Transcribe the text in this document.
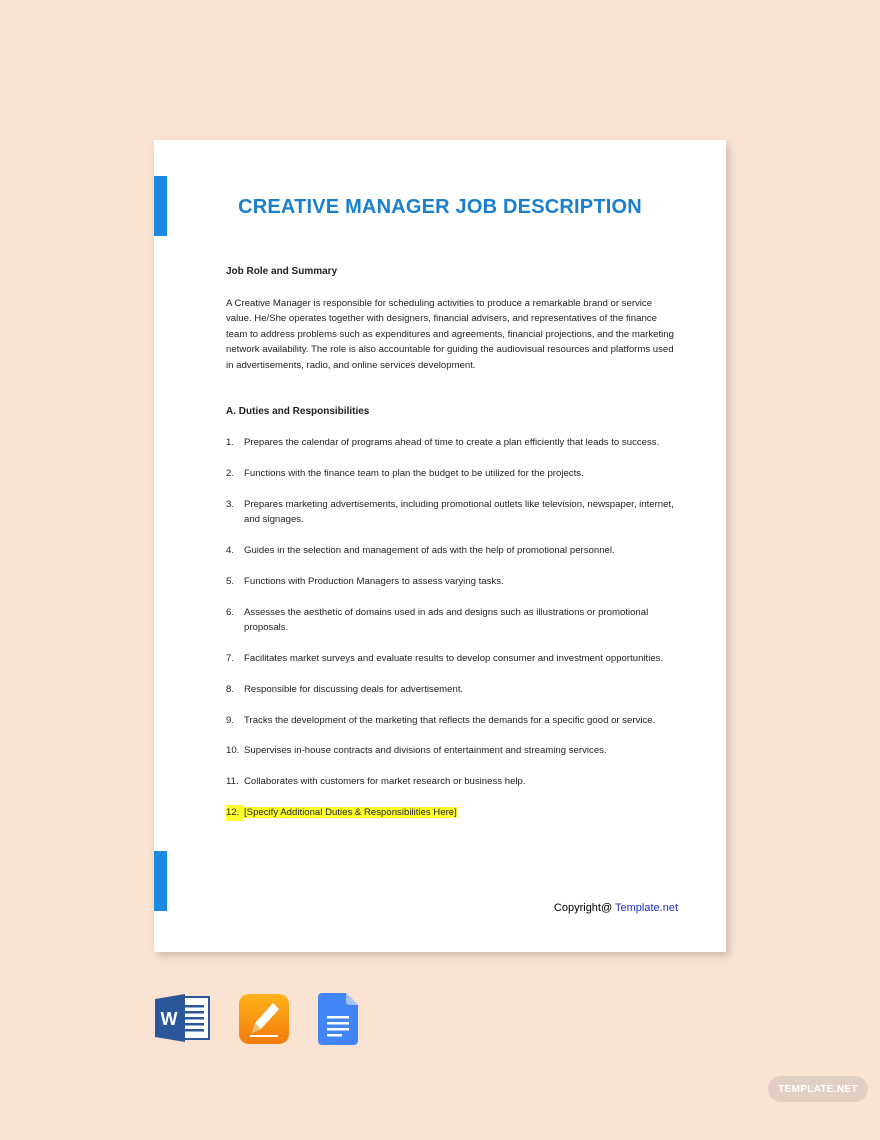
CREATIVE MANAGER JOB DESCRIPTION
Job Role and Summary
A Creative Manager is responsible for scheduling activities to produce a remarkable brand or service value. He/She operates together with designers, financial advisers, and representatives of the finance team to address problems such as expenditures and agreements, financial projections, and the marketing network availability. The role is also accountable for guiding the audiovisual resources and platforms used in advertisements, radio, and online services development.
A. Duties and Responsibilities
1.	Prepares the calendar of programs ahead of time to create a plan efficiently that leads to success.
2.	Functions with the finance team to plan the budget to be utilized for the projects.
3.	Prepares marketing advertisements, including promotional outlets like television, newspaper, internet, and signages.
4.	Guides in the selection and management of ads with the help of promotional personnel.
5.	Functions with Production Managers to assess varying tasks.
6.	Assesses the aesthetic of domains used in ads and designs such as illustrations or promotional proposals.
7.	Facilitates market surveys and evaluate results to develop consumer and investment opportunities.
8.	Responsible for discussing deals for advertisement.
9.	Tracks the development of the marketing that reflects the demands for a specific good or service.
10. Supervises in-house contracts and divisions of entertainment and streaming services.
11. Collaborates with customers for market research or business help.
12. [Specify Additional Duties & Responsibilities Here]
Copyright@ Template.net
W
TEMPLATE.NET
